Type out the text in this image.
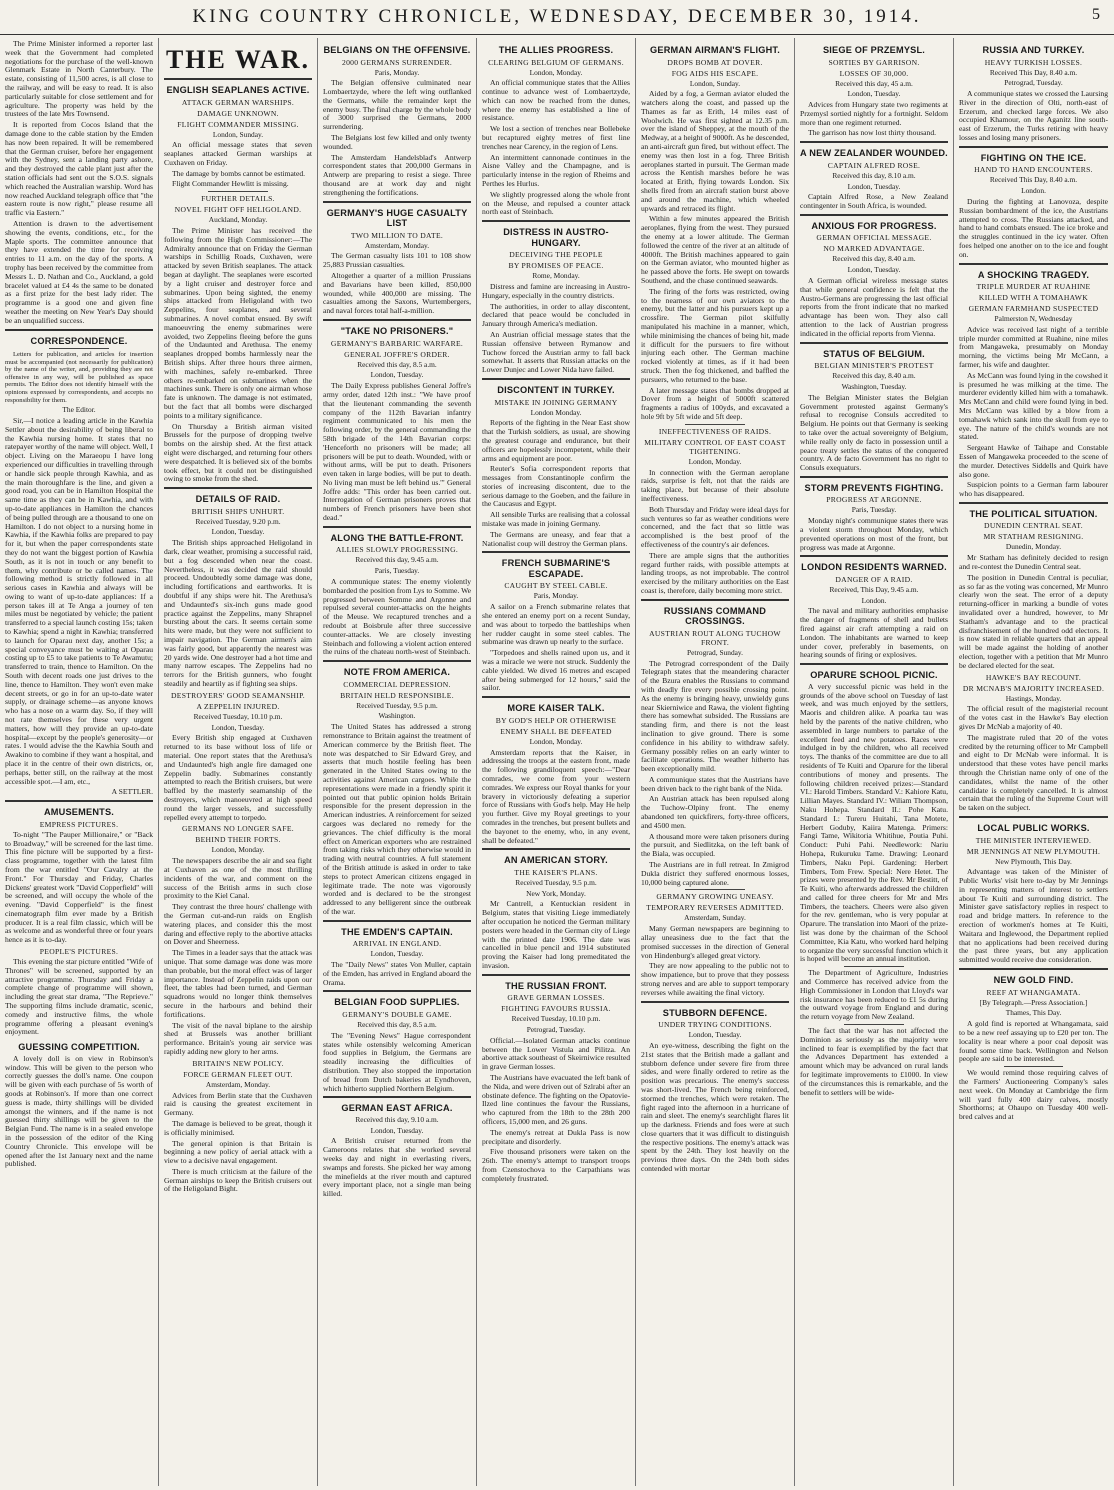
KING COUNTRY CHRONICLE, WEDNESDAY, DECEMBER 30, 1914.	5

The Prime Minister informed a reporter last week that the Government had completed negotiations for the purchase of the well-known Glenmark Estate in North Canterbury. The estate, consisting of 11,500 acres, is all close to the railway, and will be easy to read. It is also particularly suitable for close settlement and for agriculture. The property was held by the trustees of the late Mrs Townsend.

It is reported from Cocos Island that the damage done to the cable station by the Emden has now been repaired. It will be remembered that the German cruiser, before her engagement with the Sydney, sent a landing party ashore, and they destroyed the cable plant just after the station officials had sent out the S.O.S. signals which reached the Australian warship. Word has now reached Auckland telegraph office that "the eastern route is now right," please resume all traffic via Eastern."

Attention is drawn to the advertisement showing the events, conditions, etc., for the Maple sports. The committee announce that they have extended the time for receiving entries to 11 a.m. on the day of the sports. A trophy has been received by the committee from Messrs L. D. Nathan and Co., Auckland, a gold bracelet valued at £4 4s the same to be donated as a first prize for the best lady rider. The programme is a good one and given fine weather the meeting on New Year's Day should be an unqualified success.

CORRESPONDENCE.

Letters for publication, and articles for insertion must be accompanied (not necessarily for publication) by the name of the writer, and, providing they are not offensive in any way, will be published as space permits. The Editor does not identify himself with the opinions expressed by correspondents, and accepts no responsibility for them.

The Editor.

Sir,—I notice a leading article in the Kawhia Settler about the desirability of being liberal to the Kawhia nursing home. It states that no ratepayer worthy of the name will object. Well, I object. Living on the Maraeopu I have long experienced our difficulties in travelling through or handle sick people through Kawhia, and as the main thoroughfare is the line, and given a good road, you can be in Hamilton Hospital the same time as they can be in Kawhia, and with up-to-date appliances in Hamilton the chances of being pulled through are a thousand to one on Hamilton. I do not object to a nursing home in Kawhia, if the Kawhia folks are prepared to pay for it, but when the paper correspondents state they do not want the biggest portion of Kawhia South, as it is not in touch or any benefit to them, why contribute or be called names. The following method is strictly followed in all serious cases in Kawhia and always will be owing to want of up-to-date appliances: If a person takes ill at Te Anga a journey of ten miles must be negotiated by vehicle; the patient transferred to a special launch costing 15s; taken to Kawhia; spend a night in Kawhia; transferred to launch for Oparau next day, another 15s; a special conveyance must be waiting at Oparau costing up to £5 to take patients to Te Awamutu; transferred to train, thence to Hamilton. On the South with decent roads one just drives to the line, thence to Hamilton. They won't even make decent streets, or go in for an up-to-date water supply, or drainage scheme—as anyone knows who has a nose on a warm day. So, if they will not rate themselves for these very urgent matters, how will they provide an up-to-date hospital—except by the people's generosity—or rates. I would advise the the Kawhia South and Awakino to combine if they want a hospital, and place it in the centre of their own districts, or, perhaps, better still, on the railway at the most accessible spot.—I am, etc.,

A SETTLER.

AMUSEMENTS.
EMPRESS PICTURES.

To-night "The Pauper Millionaire," or "Back to Broadway," will be screened for the last time. This fine picture will be supported by a first-class programme, together with the latest film from the war entitled "Our Cavalry at the Front." For Thursday and Friday, Charles Dickens' greatest work "David Copperfield" will be screened, and will occupy the whole of the evening. "David Copperfield" is the finest cinematograph film ever made by a British producer. It is a real film classic, which will be as welcome and as wonderful three or four years hence as it is to-day.

PEOPLE'S PICTURES.

This evening the star picture entitled "Wife of Thrones" will be screened, supported by an attractive programme. Thursday and Friday a complete change of programme will shown, including the great star drama, "The Reprieve." The supporting films include dramatic, scenic, comedy and instructive films, the whole programme offering a pleasant evening's enjoyment.

GUESSING COMPETITION.

A lovely doll is on view in Robinson's window. This will be given to the person who correctly guesses the doll's name. One coupon will be given with each purchase of 5s worth of goods at Robinson's. If more than one correct guess is made, thirty shillings will be divided amongst the winners, and if the name is not guessed thirty shillings will be given to the Belgian Fund. The name is in a sealed envelope in the possession of the editor of the King Country Chronicle. This envelope will be opened after the 1st January next and the name published.

THE WAR.
ENGLISH SEAPLANES ACTIVE.
ATTACK GERMAN WARSHIPS.
DAMAGE UNKNOWN.
FLIGHT COMMANDER MISSING.

London, Sunday.

An official message states that seven seaplanes attacked German warships at Cuxhaven on Friday.

The damage by bombs cannot be estimated.

Flight Commander Hewlitt is missing.

FURTHER DETAILS.
NOVEL FIGHT OFF HELIGOLAND.

Auckland, Monday.

The Prime Minister has received the following from the High Commissioner:—The Admiralty announce that on Friday the German warships in Schillig Roads, Cuxhaven, were attacked by seven British seaplanes. The attack began at daylight. The seaplanes were escorted by a light cruiser and destroyer force and submarines. Upon being sighted, the enemy ships attacked from Heligoland with two Zeppelins, four seaplanes, and several submarines. A novel combat ensued. By swift manoeuvring the enemy submarines were avoided, two Zeppelins fleeing before the guns of the Undaunted and Arethusa. The enemy seaplanes dropped bombs harmlessly near the British ships. After three hours three airmen, with machines, safely re-embarked. Three others re-embarked on submarines when the machines sunk. There is only one airman whose fate is unknown. The damage is not estimated, but the fact that all bombs were discharged points to a military significance.

On Thursday a British airman visited Brussels for the purpose of dropping twelve bombs on the airship shed. At the first attack eight were discharged, and returning four others were despatched. It is believed six of the bombs took effect, but it could not be distinguished owing to smoke from the shed.

DETAILS OF RAID.
BRITISH SHIPS UNHURT.

Received Tuesday, 9.20 p.m.

London, Tuesday.

The British ships approached Heligoland in dark, clear weather, promising a successful raid, but a fog descended when near the coast. Nevertheless, it was decided the raid should proceed. Undoubtedly some damage was done, including fortifications and earthworks. It is doubtful if any ships were hit. The Arethusa's and Undaunted's six-inch guns made good practice against the Zeppelins, many Shrapnel bursting about the cars. It seems certain some hits were made, but they were not sufficient to impair navigation. The German airmen's aim was fairly good, but apparently the nearest was 20 yards wide. One destroyer had a hot time and many narrow escapes. The Zeppelins had no terrors for the British gunners, who fought steadily and heartily as if fighting sea ships.

DESTROYERS' GOOD SEAMANSHIP.
A ZEPPELIN INJURED.

Received Tuesday, 10.10 p.m.

London, Tuesday.

Every British ship engaged at Cuxhaven returned to its base without loss of life or material. One report states that the Arethusa's and Undaunted's high angle fire damaged one Zeppelin badly. Submarines constantly attempted to reach the British cruisers, but were baffled by the masterly seamanship of the destroyers, which manoeuvred at high speed round the larger vessels, and successfully repelled every attempt to torpedo.

GERMANS NO LONGER SAFE.
BEHIND THEIR FORTS.

London, Monday.

The newspapers describe the air and sea fight at Cuxhaven as one of the most thrilling incidents of the war, and comment on the success of the British arms in such close proximity to the Kiel Canal.

They contrast the three hours' challenge with the German cut-and-run raids on English watering places, and consider this the most daring and effective reply to the abortive attacks on Dover and Sheerness.

The Times in a leader says that the attack was unique. That some damage was done was more than probable, but the moral effect was of larger importance. Instead of Zeppelin raids upon our fleet, the tables had been turned, and German squadrons would no longer think themselves secure in the harbours and behind their fortifications.

The visit of the naval biplane to the airship shed at Brussels was another brilliant performance. Britain's young air service was rapidly adding new glory to her arms.

BRITAIN'S NEW POLICY.
FORCE GERMAN FLEET OUT.

Amsterdam, Monday.

Advices from Berlin state that the Cuxhaven raid is causing the greatest excitement in Germany.

The damage is believed to be great, though it is officially minimised.

The general opinion is that Britain is beginning a new policy of aerial attack with a view to a decisive naval engagement.

There is much criticism at the failure of the German airships to keep the British cruisers out of the Heligoland Bight.

BELGIANS ON THE OFFENSIVE.
2000 GERMANS SURRENDER.

Paris, Monday.

The Belgian offensive culminated near Lombaertzyde, where the left wing outflanked the Germans, while the remainder kept the enemy busy. The final charge by the whole body of 3000 surprised the Germans, 2000 surrendering.

The Belgians lost few killed and only twenty wounded.

The Amsterdam Handelsblad's Antwerp correspondent states that 200,000 Germans in Antwerp are preparing to resist a siege. Three thousand are at work day and night strengthening the fortifications.

GERMANY'S HUGE CASUALTY LIST
TWO MILLION TO DATE.

Amsterdam, Monday.

The German casualty lists 101 to 108 show 25,883 Prussian casualties.

Altogether a quarter of a million Prussians and Bavarians have been killed, 850,000 wounded, while 400,000 are missing. The casualties among the Saxons, Wurtembergers, and naval forces total half-a-million.

"TAKE NO PRISONERS."
GERMANY'S BARBARIC WARFARE.
GENERAL JOFFRE'S ORDER.

Received this day, 8.5 a.m.

London, Tuesday.

The Daily Express publishes General Joffre's army order, dated 12th inst.: "We have proof that the lieutenant commanding the seventh company of the 112th Bavarian infantry regiment communicated to his men the following order, by the general commanding the 58th brigade of the 14th Bavarian corps: 'Henceforth no prisoners will be made; all prisoners will be put to death. Wounded, with or without arms, will be put to death. Prisoners even taken in large bodies, will be put to death. No living man must be left behind us.'" General Joffre adds: "This order has been carried out. Interrogation of German prisoners proves that numbers of French prisoners have been shot dead."

ALONG THE BATTLE-FRONT.
ALLIES SLOWLY PROGRESSING.

Received this day, 9.45 a.m.

Paris, Tuesday.

A communique states: The enemy violently bombarded the position from Lys to Somme. We progressed between Somme and Argonne and repulsed several counter-attacks on the heights of the Meuse. We recaptured trenches and a redoubt at Boisbrule after three successive counter-attacks. We are closely investing Steinbach and following a violent action entered the ruins of the chateau north-west of Steinbach.

NOTE FROM AMERICA.
COMMERCIAL DEPRESSION.
BRITAIN HELD RESPONSIBLE.

Received Tuesday, 9.5 p.m.

Washington.

The United States has addressed a strong remonstrance to Britain against the treatment of American commerce by the British fleet. The note was despatched to Sir Edward Grey, and asserts that much hostile feeling has been generated in the United States owing to the activities against American cargoes. While the representations were made in a friendly spirit it pointed out that public opinion holds Britain responsible for the present depression in the American industries. A reinforcement for seized cargoes was declared no remedy for the grievances. The chief difficulty is the moral effect on American exporters who are restrained from taking risks which they otherwise would in trading with neutral countries. A full statement of the British attitude is asked in order to take steps to protect American citizens engaged in legitimate trade. The note was vigorously worded and is declared to be the strongest addressed to any belligerent since the outbreak of the war.

THE EMDEN'S CAPTAIN.
ARRIVAL IN ENGLAND.

London, Tuesday.

The "Daily News" states Von Muller, captain of the Emden, has arrived in England aboard the Orama.

BELGIAN FOOD SUPPLIES.
GERMANY'S DOUBLE GAME.

Received this day, 8.5 a.m.

The "Evening News" Hague correspondent states while ostensibly welcoming American food supplies in Belgium, the Germans are steadily increasing the difficulties of distribution. They also stopped the importation of bread from Dutch bakeries at Eyndhoven, which hitherto supplied Northern Belgium.

GERMAN EAST AFRICA.

Received this day, 9.10 a.m.

London, Tuesday.

A British cruiser returned from the Cameroons relates that she worked several weeks day and night in everlasting rivers, swamps and forests. She picked her way among the minefields at the river mouth and captured every important place, not a single man being killed.

THE ALLIES PROGRESS.
CLEARING BELGIUM OF GERMANS.

London, Monday.

An official communique states that the Allies continue to advance west of Lombaertzyde, which can now be reached from the dunes, where the enemy has established a line of resistance.

We lost a section of trenches near Bollebeke but recaptured eighty metres of first line trenches near Carency, in the region of Lens.

An intermittent cannonade continues in the Aisne Valley and the Champagne, and is particularly intense in the region of Rheims and Perthes les Hurlus.

We slightly progressed along the whole front on the Meuse, and repulsed a counter attack north east of Steinbach.

DISTRESS IN AUSTRO-HUNGARY.
DECEIVING THE PEOPLE
BY PROMISES OF PEACE.

Rome, Monday.

Distress and famine are increasing in Austro-Hungary, especially in the country districts.

The authorities, in order to allay discontent, declared that peace would be concluded in January through America's mediation.

An Austrian official message states that the Russian offensive between Rymanow and Tuchow forced the Austrian army to fall back somewhat. It asserts that Russian attacks on the Lower Dunjec and Lower Nida have failed.

DISCONTENT IN TURKEY.
MISTAKE IN JOINING GERMANY

London Monday.

Reports of the fighting in the Near East show that the Turkish soldiers, as usual, are showing the greatest courage and endurance, but their officers are hopelessly incompetent, while their arms and equipment are poor.

Reuter's Sofia correspondent reports that messages from Constantinople confirm the stories of increasing discontent, due to the serious damage to the Goeben, and the failure in the Caucasus and Egypt.

All sensible Turks are realising that a colossal mistake was made in joining Germany.

The Germans are uneasy, and fear that a Nationalist coup will destroy the German plans.

FRENCH SUBMARINE'S ESCAPADE.
CAUGHT BY STEEL CABLE.

Paris, Monday.

A sailor on a French submarine relates that she entered an enemy port on a recent Sunday, and was about to torpedo the battleships when her rudder caught in some steel cables. The submarine was drawn up nearly to the surface.

"Torpedoes and shells rained upon us, and it was a miracle we were not struck. Suddenly the cable yielded. We dived 16 metres and escaped after being submerged for 12 hours," said the sailor.

MORE KAISER TALK.
BY GOD'S HELP OR OTHERWISE
ENEMY SHALL BE DEFEATED

London, Monday.

Amsterdam reports that the Kaiser, in addressing the troops at the eastern front, made the following grandiloquent speech:—"Dear comrades, we come from your western comrades. We express our Royal thanks for your bravery in victoriously defeating a superior force of Russians with God's help. May He help you further. Give my Royal greetings to your comrades in the trenches, but present bullets and the bayonet to the enemy, who, in any event, shall be defeated."

AN AMERICAN STORY.
THE KAISER'S PLANS.

Received Tuesday, 9.5 p.m.

New York, Monday.

Mr Cantrell, a Kentuckian resident in Belgium, states that visiting Liege immediately after occupation he noticed the German military posters were headed in the German city of Liege with the printed date 1906. The date was cancelled in blue pencil and 1914 substituted proving the Kaiser had long premeditated the invasion.

THE RUSSIAN FRONT.
GRAVE GERMAN LOSSES.
FIGHTING FAVOURS RUSSIA.

Received Tuesday, 10.10 p.m.

Petrograd, Tuesday.

Official.—Isolated German attacks continue between the Lower Vistula and Pilitza. An abortive attack southeast of Skeirniwice resulted in grave German losses.

The Austrians have evacuated the left bank of the Nida, and were driven out of Szlrabi after an obstinate defence. The fighting on the Opatovie-Ilzed line continues the favour the Russians, who captured from the 18th to the 28th 200 officers, 15,000 men, and 26 guns.

The enemy's retreat at Dukla Pass is now precipitate and disorderly.

Five thousand prisoners were taken on the 26th. The enemy's attempt to transport troops from Czenstochova to the Carpathians was completely frustrated.

GERMAN AIRMAN'S FLIGHT.
DROPS BOMB AT DOVER.
FOG AIDS HIS ESCAPE.

London, Sunday.

Aided by a fog, a German aviator eluded the watchers along the coast, and passed up the Thames as far as Erith, 14 miles east of Woolwich. He was first sighted at 12.35 p.m. over the island of Sheppey, at the mouth of the Medway, at a height of 9000ft. As he descended, an anti-aircraft gun fired, but without effect. The enemy was then lost in a fog. Three British aeroplanes started in pursuit. The German made across the Kentish marshes before he was located at Erith, flying towards London. Six shells fired from an aircraft station burst above and around the machine, which wheeled upwards and retraced its flight.

Within a few minutes appeared the British aeroplanes, flying from the west. They pursued the enemy at a lower altitude. The German followed the centre of the river at an altitude of 4000ft. The British machines appeared to gain on the German aviator, who mounted higher as he passed above the forts. He swept on towards Southend, and the chase continued seawards.

The firing of the forts was restricted, owing to the nearness of our own aviators to the enemy, but the latter and his pursuers kept up a crossfire. The German pilot skilfully manipulated his machine in a manner, which, while minimising the chances of being hit, made it difficult for the pursuers to fire without injuring each other. The German machine rocked violently at times, as if it had been struck. Then the fog thickened, and baffled the pursuers, who returned to the base.

A later message states that bombs dropped at Dover from a height of 5000ft scattered fragments a radius of 100yds, and excavated a hole 9ft by 5ft wide and 5ft deep.

INEFFECTIVENESS OF RAIDS.
MILITARY CONTROL OF EAST COAST TIGHTENING.

London, Monday.

In connection with the German aeroplane raids, surprise is felt, not that the raids are taking place, but because of their absolute ineffectiveness.

Both Thursday and Friday were ideal days for such ventures so far as weather conditions were concerned, and the fact that so little was accomplished is the best proof of the effectiveness of the country's air defences.

There are ample signs that the authorities regard further raids, with possible attempts at landing troops, as not improbable. The control exercised by the military authorities on the East coast is, therefore, daily becoming more strict.

RUSSIANS COMMAND CROSSINGS.
AUSTRIAN ROUT ALONG TUCHOW FRONT.

Petrograd, Sunday.

The Petrograd correspondent of the Daily Telegraph states that the meandering character of the Bzura enables the Russians to command with deadly fire every possible crossing point. As the enemy is bringing heavy, unwieldy guns near Skierniwice and Rawa, the violent fighting there has somewhat subsided. The Russians are standing firm, and there is not the least inclination to give ground. There is some confidence in his ability to withdraw safely. Germany possibly relies on an early winter to facilitate operations. The weather hitherto has been exceptionally mild.

A communique states that the Austrians have been driven back to the right bank of the Nida.

An Austrian attack has been repulsed along the Tuchow-Olpiny front. The enemy abandoned ten quickfirers, forty-three officers, and 4500 men.

A thousand more were taken prisoners during the pursuit, and Siedlitzka, on the left bank of the Biala, was occupied.

The Austrians are in full retreat. In Zmigrod Dukla district they suffered enormous losses, 10,000 being captured alone.

GERMANY GROWING UNEASY.
TEMPORARY REVERSES ADMITTED.

Amsterdam, Sunday.

Many German newspapers are beginning to allay uneasiness due to the fact that the promised successes in the direction of General von Hindenburg's alleged great victory.

They are now appealing to the public not to show impatience, but to prove that they possess strong nerves and are able to support temporary reverses while awaiting the final victory.

STUBBORN DEFENCE.
UNDER TRYING CONDITIONS.

London, Tuesday.

An eye-witness, describing the fight on the 21st states that the British made a gallant and stubborn defence under severe fire from three sides, and were finally ordered to retire as the position was precarious. The enemy's success was short-lived. The French being reinforced, stormed the trenches, which were retaken. The fight raged into the afternoon in a hurricane of rain and sleet. The enemy's searchlight flares lit up the darkness. Friends and foes were at such close quarters that it was difficult to distinguish the respective positions. The enemy's attack was spent by the 24th. They lost heavily on the previous three days. On the 24th both sides contended with mortar

SIEGE OF PRZEMYSL.
SORTIES BY GARRISON.
LOSSES OF 30,000.

Received this day, 45 a.m.

London, Tuesday.

Advices from Hungary state two regiments at Przemysl sortied nightly for a fortnight. Seldom more than one regiment returned.

The garrison has now lost thirty thousand.

A NEW ZEALANDER WOUNDED.
CAPTAIN ALFRED ROSE.

Received this day, 8.10 a.m.

London, Tuesday.

Captain Alfred Rose, a New Zealand contingenter in South Africa, is wounded.

ANXIOUS FOR PROGRESS.
GERMAN OFFICIAL MESSAGE.
NO MARKED ADVANTAGE.

Received this day, 8.40 a.m.

London, Tuesday.

A German official wireless message states that while general confidence is felt that the Austro-Germans are progressing the last official reports from the front indicate that no marked advantage has been won. They also call attention to the lack of Austrian progress indicated in the official reports from Vienna.

STATUS OF BELGIUM.
BELGIAN MINISTER'S PROTEST

Received this day, 8.40 a.m.

Washington, Tuesday.

The Belgian Minister states the Belgian Government protested against Germany's refusal to recognise Consuls accredited to Belgium. He points out that Germany is seeking to take over the actual sovereignty of Belgium, while really only de facto in possession until a peace treaty settles the status of the conquered country. A de facto Government has no right to Consuls exequaturs.

STORM PREVENTS FIGHTING.
PROGRESS AT ARGONNE.

Paris, Tuesday.

Monday night's communique states there was a violent storm throughout Monday, which prevented operations on most of the front, but progress was made at Argonne.

LONDON RESIDENTS WARNED.
DANGER OF A RAID.

Received, This Day, 9.45 a.m.

London.

The naval and military authorities emphasise the danger of fragments of shell and bullets fired against air craft attempting a raid on London. The inhabitants are warned to keep under cover, preferably in basements, on hearing sounds of firing or explosives.

OPARURE SCHOOL PICNIC.

A very successful picnic was held in the grounds of the above school on Tuesday of last week, and was much enjoyed by the settlers, Maoris and children alike. A poarka tau was held by the parents of the native children, who assembled in large numbers to partake of the excellent feed and new potatoes. Races were indulged in by the children, who all received toys. The thanks of the committee are due to all residents of Te Kuiti and Oparure for the liberal contributions of money and presents. The following children received prizes:—Standard VI.: Harold Timbers. Standard V.: Kahiore Katu, Lillian Mayes. Standard IV.: Wiliam Thompson, Naku Hohepa. Standard II.: Pohe Katu. Standard I.: Tureru Huitahi, Tana Motete, Herbert Goduby, Kaiira Matenga. Primers: Fangi Tame, Wikitoria Whitihue, Poutia Puhi. Conduct: Puhi Pahi. Needlework: Nariu Hohepa, Rukuruku Tame. Drawing: Leonard Timbers, Naku Pepi. Gardening: Herbert Timbers, Tom Frew. Special: Nere Hetet. The prizes were presented by the Rev. Mr Bestitt, of Te Kuiti, who afterwards addressed the children and called for three cheers for Mr and Mrs Timbers, the teachers. Cheers were also given for the rev. gentleman, who is very popular at Oparure. The translation into Maori of the prize-list was done by the chairman of the School Committee, Kia Katu, who worked hard helping to organize the very successful function which it is hoped will become an annual institution.

The Department of Agriculture, Industries and Commerce has received advice from the High Commissioner in London that Lloyd's war risk insurance has been reduced to £1 5s during the outward voyage from England and during the return voyage from New Zealand.

The fact that the war has not affected the Dominion as seriously as the majority were inclined to fear is exemplified by the fact that the Advances Department has extended a amount which may be advanced on rural lands for legitimate improvements to £1000. In view of the circumstances this is remarkable, and the benefit to settlers will be wide-

RUSSIA AND TURKEY.
HEAVY TURKISH LOSSES.

Received This Day, 8.40 a.m.

Petrograd, Tuesday.

A communique states we crossed the Laursing River in the direction of Olti, north-east of Erzerum, and checked large forces. We also occupied Khamour, on the Aganitz line south-east of Erzerum, the Turks retiring with heavy losses and losing many prisoners.

FIGHTING ON THE ICE.
HAND TO HAND ENCOUNTERS.

Received This Day, 8.40 a.m.

London.

During the fighting at Lanovoza, despite Russian bombardment of the ice, the Austrians attempted to cross. The Russians attacked, and hand to hand combats ensued. The ice broke and the struggles continued in the icy water. Often foes helped one another on to the ice and fought on.

A SHOCKING TRAGEDY.
TRIPLE MURDER AT RUAHINE
KILLED WITH A TOMAHAWK
GERMAN FARMHAND SUSPECTED

Palmerston N, Wednesday

Advice was received last night of a terrible triple murder committed at Ruahine, nine miles from Mangaweka, presumably on Monday morning, the victims being Mr McCann, a farmer, his wife and daughter.

As McCann was found lying in the cowshed it is presumed he was milking at the time. The murderer evidently killed him with a tomahawk. Mrs McCann and child were found lying in bed. Mrs McCann was killed by a blow from a tomahawk which sank into the skull from eye to eye. The nature of the child's wounds are not stated.

Sergeant Hawke of Taihape and Constable Essen of Mangaweka proceeded to the scene of the murder. Detectives Siddells and Quirk have also gone.

Suspicion points to a German farm labourer who has disappeared.

THE POLITICAL SITUATION.
DUNEDIN CENTRAL SEAT.
MR STATHAM RESIGNING.

Dunedin, Monday.

Mr Statham has definitely decided to resign and re-contest the Dunedin Central seat.

The position in Dunedin Central is peculiar, as so far as the voting was concerned, Mr Munro clearly won the seat. The error of a deputy returning-officer in marking a bundle of votes invalidated over a hundred, however, to Mr Statham's advantage and to the practical disfranchisement of the hundred odd electors. It is now stated in reliable quarters that an appeal will be made against the holding of another election, together with a petition that Mr Munro be declared elected for the seat.

HAWKE'S BAY RECOUNT.
DR MCNAB'S MAJORITY INCREASED.

Hastings, Monday.

The official result of the magisterial recount of the votes cast in the Hawke's Bay election gives Dr McNab a majority of 40.

The magistrate ruled that 20 of the votes credited by the returning officer to Mr Campbell and eight to Dr McNab were informal. It is understood that these votes have pencil marks through the Christian name only of one of the candidates, whilst the name of the other candidate is completely cancelled. It is almost certain that the ruling of the Supreme Court will be taken on the subject.

LOCAL PUBLIC WORKS.
THE MINISTER INTERVIEWED.
MR JENNINGS AT NEW PLYMOUTH.

New Plymouth, This Day.

Advantage was taken of the Minister of Public Works' visit here to-day by Mr Jennings in representing matters of interest to settlers about Te Kuiti and surrounding district. The Minister gave satisfactory replies in respect to road and bridge matters. In reference to the erection of workmen's homes at Te Kuiti, Waitara and Inglewood, the Department replied that no applications had been received during the past three years, but any application submitted would receive due consideration.

NEW GOLD FIND.
REEF AT WHANGAMATA.

[By Telegraph.—Press Association.]

Thames, This Day.

A gold find is reported at Whangamata, said to be a new reef assaying up to £20 per ton. The locality is near where a poor coal deposit was found some time back. Wellington and Nelson people are said to be interested.

We would remind those requiring calves of the Farmers' Auctioneering Company's sales next week. On Monday at Cambridge the firm will yard fully 400 dairy calves, mostly Shorthorns; at Ohaupo on Tuesday 400 well-bred calves and at
